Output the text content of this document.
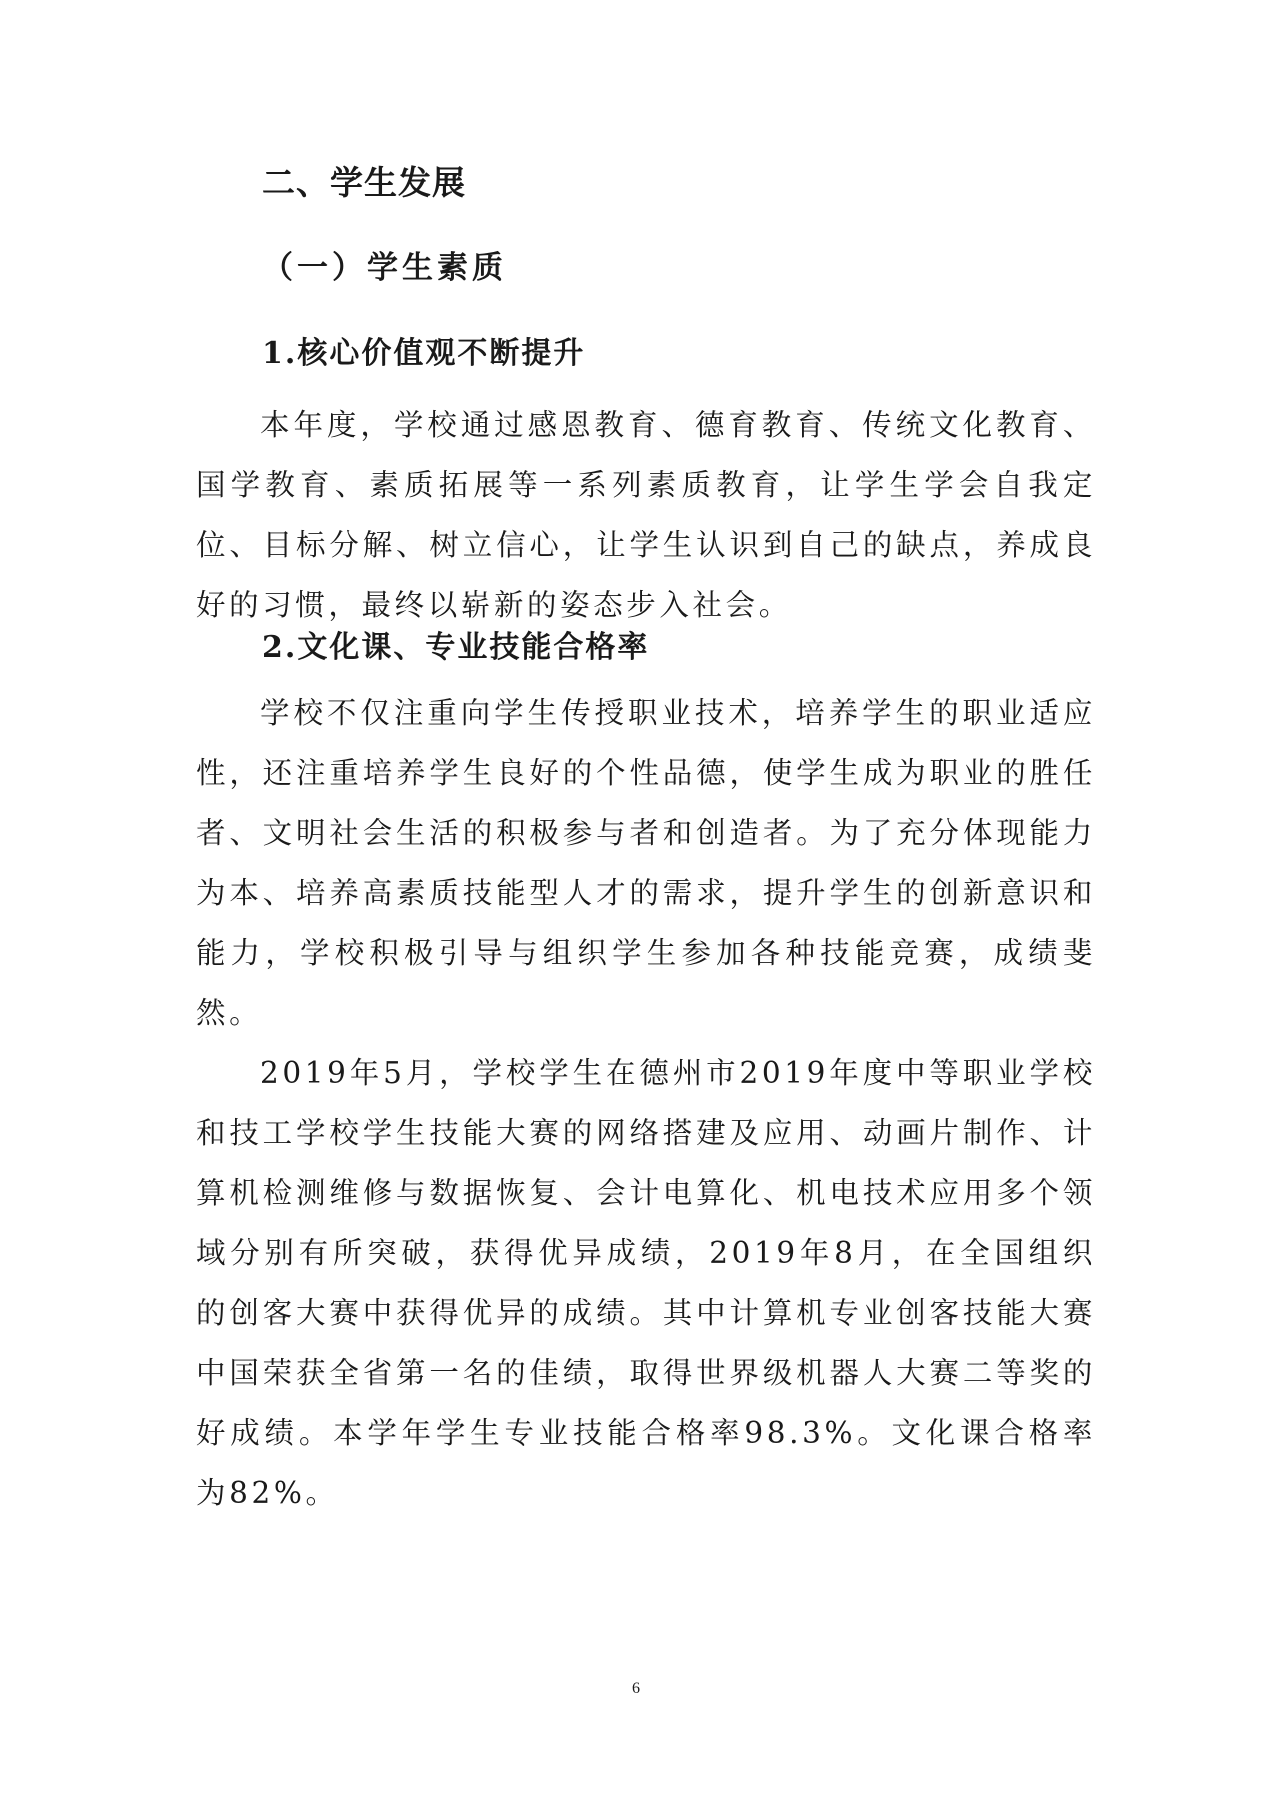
二、学生发展
（一）学生素质
1.核心价值观不断提升

本年度，学校通过感恩教育、德育教育、传统文化教育、国学教育、素质拓展等一系列素质教育，让学生学会自我定位、目标分解、树立信心，让学生认识到自己的缺点，养成良好的习惯，最终以崭新的姿态步入社会。

2.文化课、专业技能合格率

学校不仅注重向学生传授职业技术，培养学生的职业适应性，还注重培养学生良好的个性品德，使学生成为职业的胜任者、文明社会生活的积极参与者和创造者。为了充分体现能力为本、培养高素质技能型人才的需求，提升学生的创新意识和能力，学校积极引导与组织学生参加各种技能竞赛，成绩斐然。

2019年5月，学校学生在德州市2019年度中等职业学校和技工学校学生技能大赛的网络搭建及应用、动画片制作、计算机检测维修与数据恢复、会计电算化、机电技术应用多个领域分别有所突破，获得优异成绩，2019年8月，在全国组织的创客大赛中获得优异的成绩。其中计算机专业创客技能大赛中国荣获全省第一名的佳绩，取得世界级机器人大赛二等奖的好成绩。本学年学生专业技能合格率98.3%。文化课合格率为82%。

6
